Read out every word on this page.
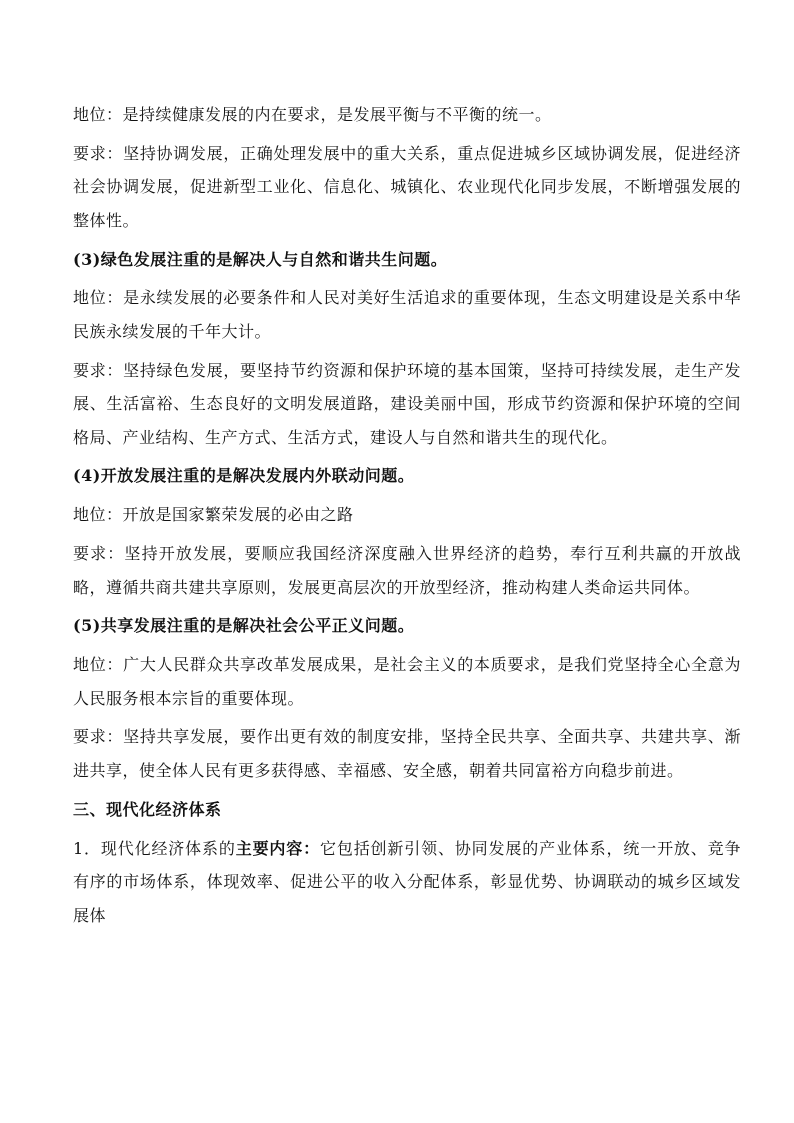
地位：是持续健康发展的内在要求，是发展平衡与不平衡的统一。

要求：坚持协调发展，正确处理发展中的重大关系，重点促进城乡区域协调发展，促进经济社会协调发展，促进新型工业化、信息化、城镇化、农业现代化同步发展，不断增强发展的整体性。

(3)绿色发展注重的是解决人与自然和谐共生问题。

地位：是永续发展的必要条件和人民对美好生活追求的重要体现，生态文明建设是关系中华民族永续发展的千年大计。

要求：坚持绿色发展，要坚持节约资源和保护环境的基本国策，坚持可持续发展，走生产发展、生活富裕、生态良好的文明发展道路，建设美丽中国，形成节约资源和保护环境的空间格局、产业结构、生产方式、生活方式，建设人与自然和谐共生的现代化。

(4)开放发展注重的是解决发展内外联动问题。

地位：开放是国家繁荣发展的必由之路

要求：坚持开放发展，要顺应我国经济深度融入世界经济的趋势，奉行互利共赢的开放战略，遵循共商共建共享原则，发展更高层次的开放型经济，推动构建人类命运共同体。

(5)共享发展注重的是解决社会公平正义问题。

地位：广大人民群众共享改革发展成果，是社会主义的本质要求，是我们党坚持全心全意为人民服务根本宗旨的重要体现。

要求：坚持共享发展，要作出更有效的制度安排，坚持全民共享、全面共享、共建共享、渐进共享，使全体人民有更多获得感、幸福感、安全感，朝着共同富裕方向稳步前进。

三、现代化经济体系

1．现代化经济体系的主要内容：它包括创新引领、协同发展的产业体系，统一开放、竞争有序的市场体系，体现效率、促进公平的收入分配体系，彰显优势、协调联动的城乡区域发展体
